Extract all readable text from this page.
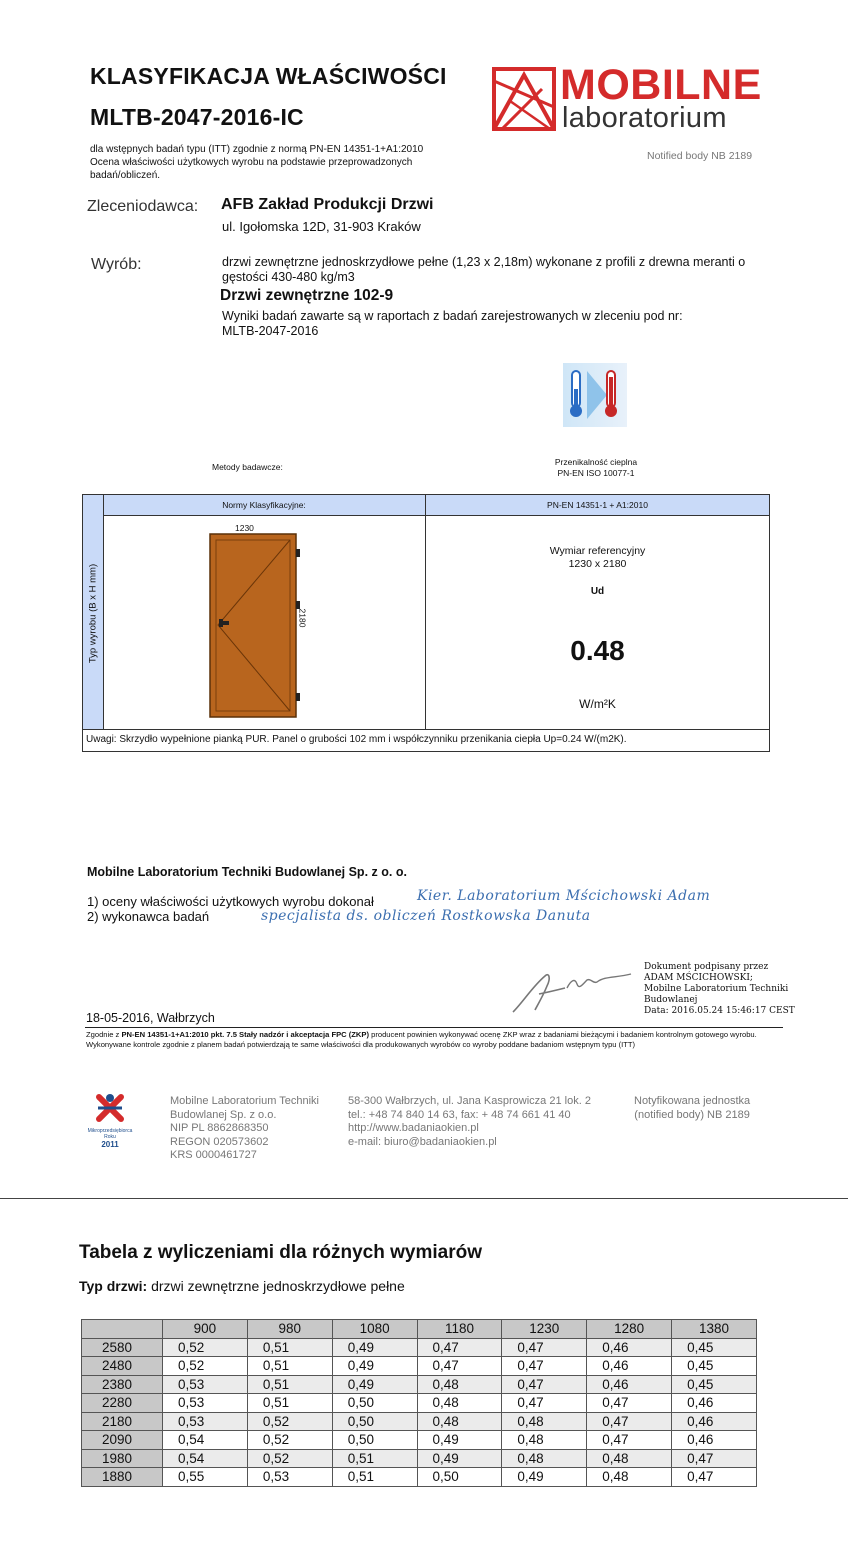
KLASYFIKACJA WŁAŚCIWOŚCI
MLTB-2047-2016-IC
dla wstępnych badań typu (ITT) zgodnie z normą PN-EN 14351-1+A1:2010
Ocena właściwości użytkowych wyrobu na podstawie przeprowadzonych
badań/obliczeń.
MOBILNE
laboratorium
Notified body NB 2189
Zleceniodawca: AFB Zakład Produkcji Drzwi
ul. Igołomska 12D, 31-903 Kraków
Wyrób:	drzwi zewnętrzne jednoskrzydłowe pełne (1,23 x 2,18m) wykonane z profili z drewna meranti o
gęstości 430-480 kg/m3
Drzwi zewnętrzne 102-9
Wyniki badań zawarte są w raportach z badań zarejestrowanych w zleceniu pod nr:
MLTB-2047-2016
Przenikalność cieplna
PN-EN ISO 10077-1
Metody badawcze:
Normy Klasyfikacyjne:	PN-EN 14351-1 + A1:2010
Typ wyrobu (B x H mm)
1230
2180
Wymiar referencyjny
1230 x 2180
Ud
0.48
W/m²K
Uwagi: Skrzydło wypełnione pianką PUR. Panel o grubości 102 mm i współczynniku przenikania ciepła Up=0.24 W/(m2K).
Mobilne Laboratorium Techniki Budowlanej Sp. z o. o.
1) oceny właściwości użytkowych wyrobu dokonał	Kier. Laboratorium Mścichowski Adam
2) wykonawca badań	specjalista ds. obliczeń Rostkowska Danuta
Dokument podpisany przez
ADAM MŚCICHOWSKI;
Mobilne Laboratorium Techniki
Budowlanej
Data: 2016.05.24 15:46:17 CEST
18-05-2016, Wałbrzych
Zgodnie z PN-EN 14351-1+A1:2010 pkt. 7.5 Stały nadzór i akceptacja FPC (ZKP) producent powinien wykonywać ocenę ZKP wraz z badaniami bieżącymi i badaniem kontrolnym gotowego wyrobu. Wykonywane kontrole zgodnie z planem badań potwierdzają te same właściwości dla produkowanych wyrobów co wyroby poddane badaniom wstępnym typu (ITT)
Mikroprzedsiębiorca
Roku
2011
Mobilne Laboratorium Techniki
Budowlanej Sp. z o.o.
NIP PL 8862868350
REGON 020573602
KRS 0000461727
58-300 Wałbrzych, ul. Jana Kasprowicza 21 lok. 2
tel.: +48 74 840 14 63, fax: + 48 74 661 41 40
http://www.badaniaokien.pl
e-mail: biuro@badaniaokien.pl
Notyfikowana jednostka
(notified body) NB 2189
Tabela z wyliczeniami dla różnych wymiarów
Typ drzwi: drzwi zewnętrzne jednoskrzydłowe pełne
	900	980	1080	1180	1230	1280	1380
2580	0,52	0,51	0,49	0,47	0,47	0,46	0,45
2480	0,52	0,51	0,49	0,47	0,47	0,46	0,45
2380	0,53	0,51	0,49	0,48	0,47	0,46	0,45
2280	0,53	0,51	0,50	0,48	0,47	0,47	0,46
2180	0,53	0,52	0,50	0,48	0,48	0,47	0,46
2090	0,54	0,52	0,50	0,49	0,48	0,47	0,46
1980	0,54	0,52	0,51	0,49	0,48	0,48	0,47
1880	0,55	0,53	0,51	0,50	0,49	0,48	0,47
